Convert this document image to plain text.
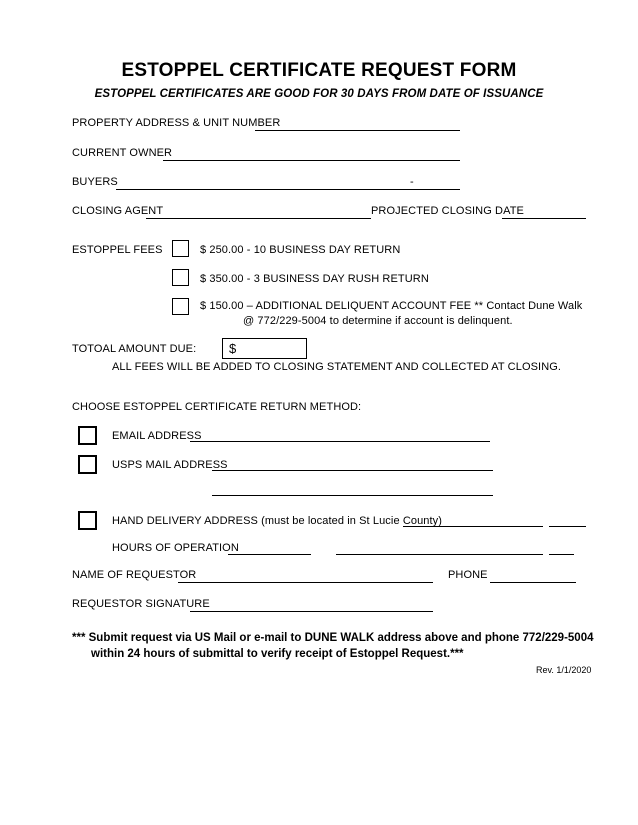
ESTOPPEL CERTIFICATE REQUEST FORM
ESTOPPEL CERTIFICATES ARE GOOD FOR 30 DAYS FROM DATE OF ISSUANCE
PROPERTY ADDRESS & UNIT NUMBER
CURRENT OWNER
BUYERS	-
CLOSING AGENT	PROJECTED CLOSING DATE
ESTOPPEL FEES	$ 250.00 - 10 BUSINESS DAY RETURN
$ 350.00 - 3 BUSINESS DAY RUSH RETURN
$ 150.00 – ADDITIONAL DELIQUENT ACCOUNT FEE ** Contact Dune Walk
@ 772/229-5004 to determine if account is delinquent.
TOTOAL AMOUNT DUE:	$
ALL FEES WILL BE ADDED TO CLOSING STATEMENT AND COLLECTED AT CLOSING.
CHOOSE ESTOPPEL CERTIFICATE RETURN METHOD:
EMAIL ADDRESS
USPS MAIL ADDRESS
HAND DELIVERY ADDRESS (must be located in St Lucie County)
HOURS OF OPERATION
NAME OF REQUESTOR	PHONE
REQUESTOR SIGNATURE
*** Submit request via US Mail or e-mail to DUNE WALK address above and phone 772/229-5004
within 24 hours of submittal to verify receipt of Estoppel Request.***
Rev. 1/1/2020
